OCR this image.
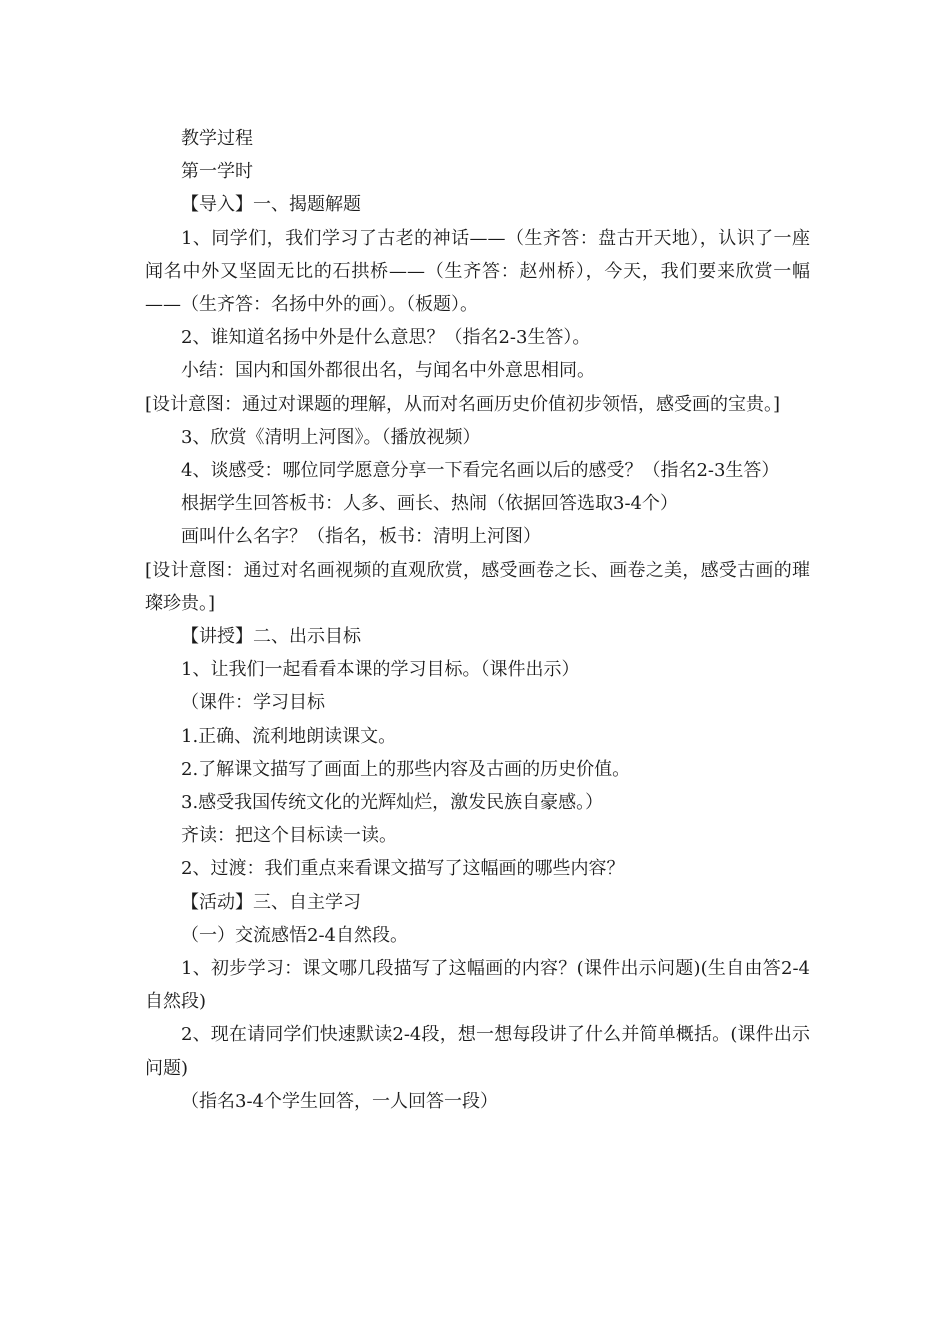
教学过程

第一学时

【导入】一、揭题解题

1、同学们，我们学习了古老的神话——（生齐答：盘古开天地），认识了一座闻名中外又坚固无比的石拱桥——（生齐答：赵州桥），今天，我们要来欣赏一幅——（生齐答：名扬中外的画）。（板题）。

2、谁知道名扬中外是什么意思？（指名2-3生答）。

小结：国内和国外都很出名，与闻名中外意思相同。

[设计意图：通过对课题的理解，从而对名画历史价值初步领悟，感受画的宝贵。]

3、欣赏《清明上河图》。（播放视频）

4、谈感受：哪位同学愿意分享一下看完名画以后的感受？（指名2-3生答）

根据学生回答板书：人多、画长、热闹（依据回答选取3-4个）

画叫什么名字？（指名，板书：清明上河图）

[设计意图：通过对名画视频的直观欣赏，感受画卷之长、画卷之美，感受古画的璀璨珍贵。]

【讲授】二、出示目标

1、让我们一起看看本课的学习目标。（课件出示）

（课件：学习目标

1.正确、流利地朗读课文。

2.了解课文描写了画面上的那些内容及古画的历史价值。

3.感受我国传统文化的光辉灿烂，激发民族自豪感。）

齐读：把这个目标读一读。

2、过渡：我们重点来看课文描写了这幅画的哪些内容？

【活动】三、自主学习

（一）交流感悟2-4自然段。

1、初步学习：课文哪几段描写了这幅画的内容？(课件出示问题)(生自由答2-4自然段)

2、现在请同学们快速默读2-4段，想一想每段讲了什么并简单概括。(课件出示问题)

（指名3-4个学生回答，一人回答一段）
